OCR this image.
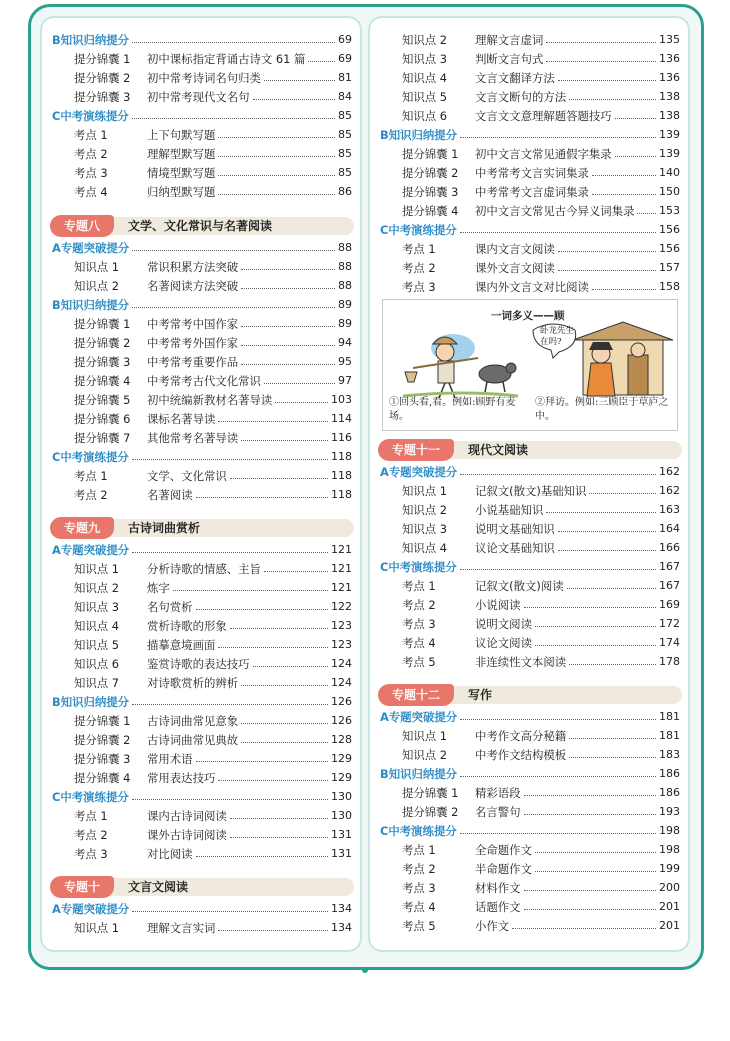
B 知识归纳提分	69
提分锦囊 1	初中课标指定背诵古诗文 61 篇	69
提分锦囊 2	初中常考诗词名句归类	81
提分锦囊 3	初中常考现代文名句	84
C 中考演练提分	85
考点 1	上下句默写题	85
考点 2	理解型默写题	85
考点 3	情境型默写题	85
考点 4	归纳型默写题	86
专题八	文学、文化常识与名著阅读
A 专题突破提分	88
知识点 1	常识积累方法突破	88
知识点 2	名著阅读方法突破	88
B 知识归纳提分	89
提分锦囊 1	中考常考中国作家	89
提分锦囊 2	中考常考外国作家	94
提分锦囊 3	中考常考重要作品	95
提分锦囊 4	中考常考古代文化常识	97
提分锦囊 5	初中统编新教材名著导读	103
提分锦囊 6	课标名著导读	114
提分锦囊 7	其他常考名著导读	116
C 中考演练提分	118
考点 1	文学、文化常识	118
考点 2	名著阅读	118
专题九	古诗词曲赏析
A 专题突破提分	121
知识点 1	分析诗歌的情感、主旨	121
知识点 2	炼字	121
知识点 3	名句赏析	122
知识点 4	赏析诗歌的形象	123
知识点 5	描摹意境画面	123
知识点 6	鉴赏诗歌的表达技巧	124
知识点 7	对诗歌赏析的辨析	124
B 知识归纳提分	126
提分锦囊 1	古诗词曲常见意象	126
提分锦囊 2	古诗词曲常见典故	128
提分锦囊 3	常用术语	129
提分锦囊 4	常用表达技巧	129
C 中考演练提分	130
考点 1	课内古诗词阅读	130
考点 2	课外古诗词阅读	131
考点 3	对比阅读	131
专题十	文言文阅读
A 专题突破提分	134
知识点 1	理解文言实词	134
知识点 2	理解文言虚词	135
知识点 3	判断文言句式	136
知识点 4	文言文翻译方法	136
知识点 5	文言文断句的方法	138
知识点 6	文言文文意理解题答题技巧	138
B 知识归纳提分	139
提分锦囊 1	初中文言文常见通假字集录	139
提分锦囊 2	中考常考文言实词集录	140
提分锦囊 3	中考常考文言虚词集录	150
提分锦囊 4	初中文言文常见古今异义词集录 153
C 中考演练提分	156
考点 1	课内文言文阅读	156
考点 2	课外文言文阅读	157
考点 3	课内外文言文对比阅读	158
一词多义——顾
卧龙先生在吗?
①回头看,看。例如:顾野有麦场。
②拜访。例如:三顾臣于草庐之中。
专题十一	现代文阅读
A 专题突破提分	162
知识点 1	记叙文(散文)基础知识	162
知识点 2	小说基础知识	163
知识点 3	说明文基础知识	164
知识点 4	议论文基础知识	166
C 中考演练提分	167
考点 1	记叙文(散文)阅读	167
考点 2	小说阅读	169
考点 3	说明文阅读	172
考点 4	议论文阅读	174
考点 5	非连续性文本阅读	178
专题十二	写作
A 专题突破提分	181
知识点 1	中考作文高分秘籍	181
知识点 2	中考作文结构模板	183
B 知识归纳提分	186
提分锦囊 1	精彩语段	186
提分锦囊 2	名言警句	193
C 中考演练提分	198
考点 1	全命题作文	198
考点 2	半命题作文	199
考点 3	材料作文	200
考点 4	话题作文	201
考点 5	小作文	201
